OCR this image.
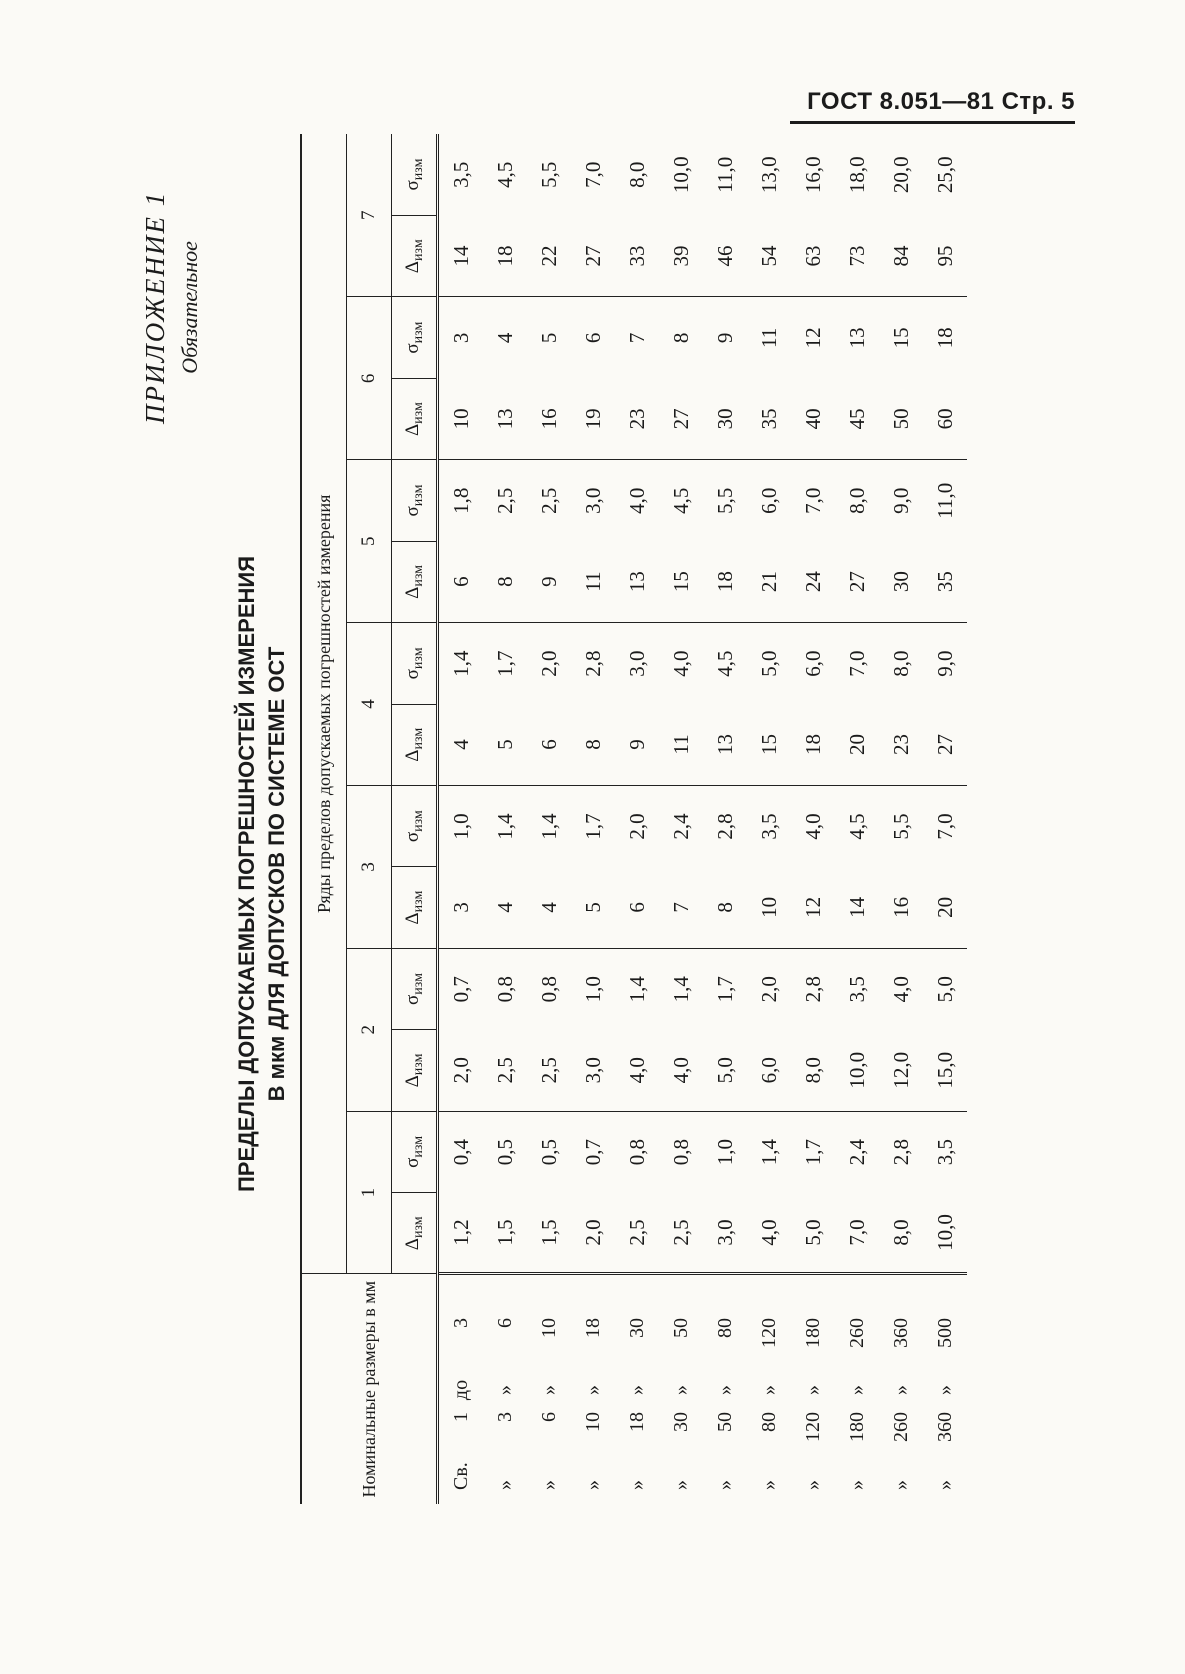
ГОСТ 8.051—81 Стр. 5
ПРИЛОЖЕНИЕ 1 Обязательное
ПРЕДЕЛЫ ДОПУСКАЕМЫХ ПОГРЕШНОСТЕЙ ИЗМЕРЕНИЯ В мкм ДЛЯ ДОПУСКОВ ПО СИСТЕМЕ ОСТ
Номинальные размеры в мм	Ряды пределов допускаемых погрешностей измерения													
	1		2		3		4		5		6		7	
	$\Delta_{изм}$	$\sigma_{изм}$	$\Delta_{изм}$	$\sigma_{изм}$	$\Delta_{изм}$	$\sigma_{изм}$	$\Delta_{изм}$	$\sigma_{изм}$	$\Delta_{изм}$	$\sigma_{изм}$	$\Delta_{изм}$	$\sigma_{изм}$	$\Delta_{изм}$	$\sigma_{изм}$
Св.1до3	1,2	0,4	2,0	0,7	3	1,0	4	1,4	6	1,8	10	3	14	3,5
»3»6	1,5	0,5	2,5	0,8	4	1,4	5	1,7	8	2,5	13	4	18	4,5
»6»10	1,5	0,5	2,5	0,8	4	1,4	6	2,0	9	2,5	16	5	22	5,5
»10»18	2,0	0,7	3,0	1,0	5	1,7	8	2,8	11	3,0	19	6	27	7,0
»18»30	2,5	0,8	4,0	1,4	6	2,0	9	3,0	13	4,0	23	7	33	8,0
»30»50	2,5	0,8	4,0	1,4	7	2,4	11	4,0	15	4,5	27	8	39	10,0
»50»80	3,0	1,0	5,0	1,7	8	2,8	13	4,5	18	5,5	30	9	46	11,0
»80»120	4,0	1,4	6,0	2,0	10	3,5	15	5,0	21	6,0	35	11	54	13,0
»120»180	5,0	1,7	8,0	2,8	12	4,0	18	6,0	24	7,0	40	12	63	16,0
»180»260	7,0	2,4	10,0	3,5	14	4,5	20	7,0	27	8,0	45	13	73	18,0
»260»360	8,0	2,8	12,0	4,0	16	5,5	23	8,0	30	9,0	50	15	84	20,0
»360»500	10,0	3,5	15,0	5,0	20	7,0	27	9,0	35	11,0	60	18	95	25,0
